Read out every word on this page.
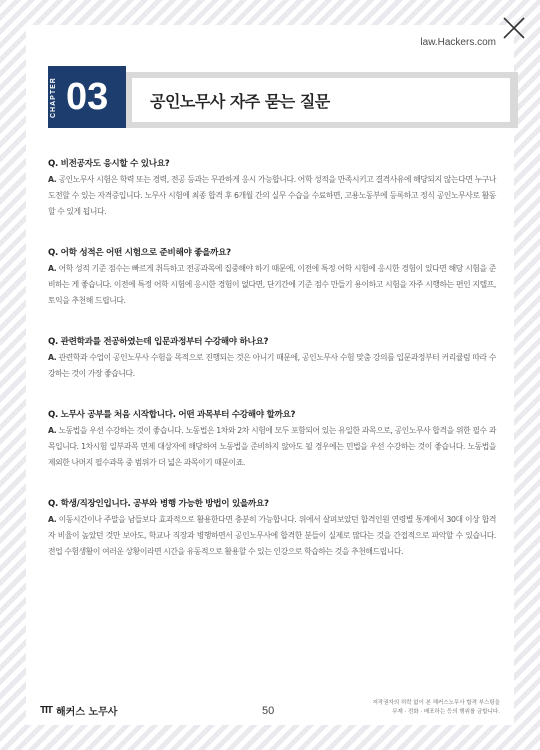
law.Hackers.com
CHAPTER 03	공인노무사 자주 묻는 질문
Q. 비전공자도 응시할 수 있나요?
A. 공인노무사 시험은 학력 또는 경력, 전공 등과는 무관하게 응시 가능합니다. 어학 성적을 만족시키고 결격사유에 해당되지 않는다면 누구나 도전할 수 있는 자격증입니다. 노무사 시험에 최종 합격 후 6개월 간의 실무 수습을 수료하면, 고용노동부에 등록하고 정식 공인노무사로 활동할 수 있게 됩니다.
Q. 어학 성적은 어떤 시험으로 준비해야 좋을까요?
A. 어학 성적 기준 점수는 빠르게 취득하고 전공과목에 집중해야 하기 때문에, 이전에 특정 어학 시험에 응시한 경험이 있다면 해당 시험을 준비하는 게 좋습니다. 이전에 특정 어학 시험에 응시한 경험이 없다면, 단기간에 기준 점수 만들기 용이하고 시험을 자주 시행하는 편인 지텔프, 토익을 추천해 드립니다.
Q. 관련학과를 전공하였는데 입문과정부터 수강해야 하나요?
A. 관련학과 수업이 공인노무사 수험을 목적으로 진행되는 것은 아니기 때문에, 공인노무사 수험 맞춤 강의를 입문과정부터 커리큘럼 따라 수강하는 것이 가장 좋습니다.
Q. 노무사 공부를 처음 시작합니다. 어떤 과목부터 수강해야 할까요?
A. 노동법을 우선 수강하는 것이 좋습니다. 노동법은 1차와 2차 시험에 모두 포함되어 있는 유일한 과목으로, 공인노무사 합격을 위한 필수 과목입니다. 1차시험 일부과목 면제 대상자에 해당하여 노동법을 준비하지 않아도 될 경우에는 민법을 우선 수강하는 것이 좋습니다. 노동법을 제외한 나머지 필수과목 중 범위가 더 넓은 과목이기 때문이죠.
Q. 학생/직장인입니다. 공부와 병행 가능한 방법이 있을까요?
A. 이동시간이나 주말을 남들보다 효과적으로 활용한다면 충분히 가능합니다. 위에서 살펴보았던 합격인원 연령별 통계에서 30대 이상 합격자 비율이 높았던 것만 보아도, 학교나 직장과 병행하면서 공인노무사에 합격한 분들이 실제로 많다는 것을 간접적으로 파악할 수 있습니다. 전업 수험생활이 여러운 상황이라면 시간을 유동적으로 활용할 수 있는 인강으로 학습하는 것을 추천해드립니다.
TIT 해커스 노무사	50
저작권자의 허락 없이 본 해커스노무사 합격 부스팅을
무제 · 전화 · 배포하는 등의 행위를 금합니다.
